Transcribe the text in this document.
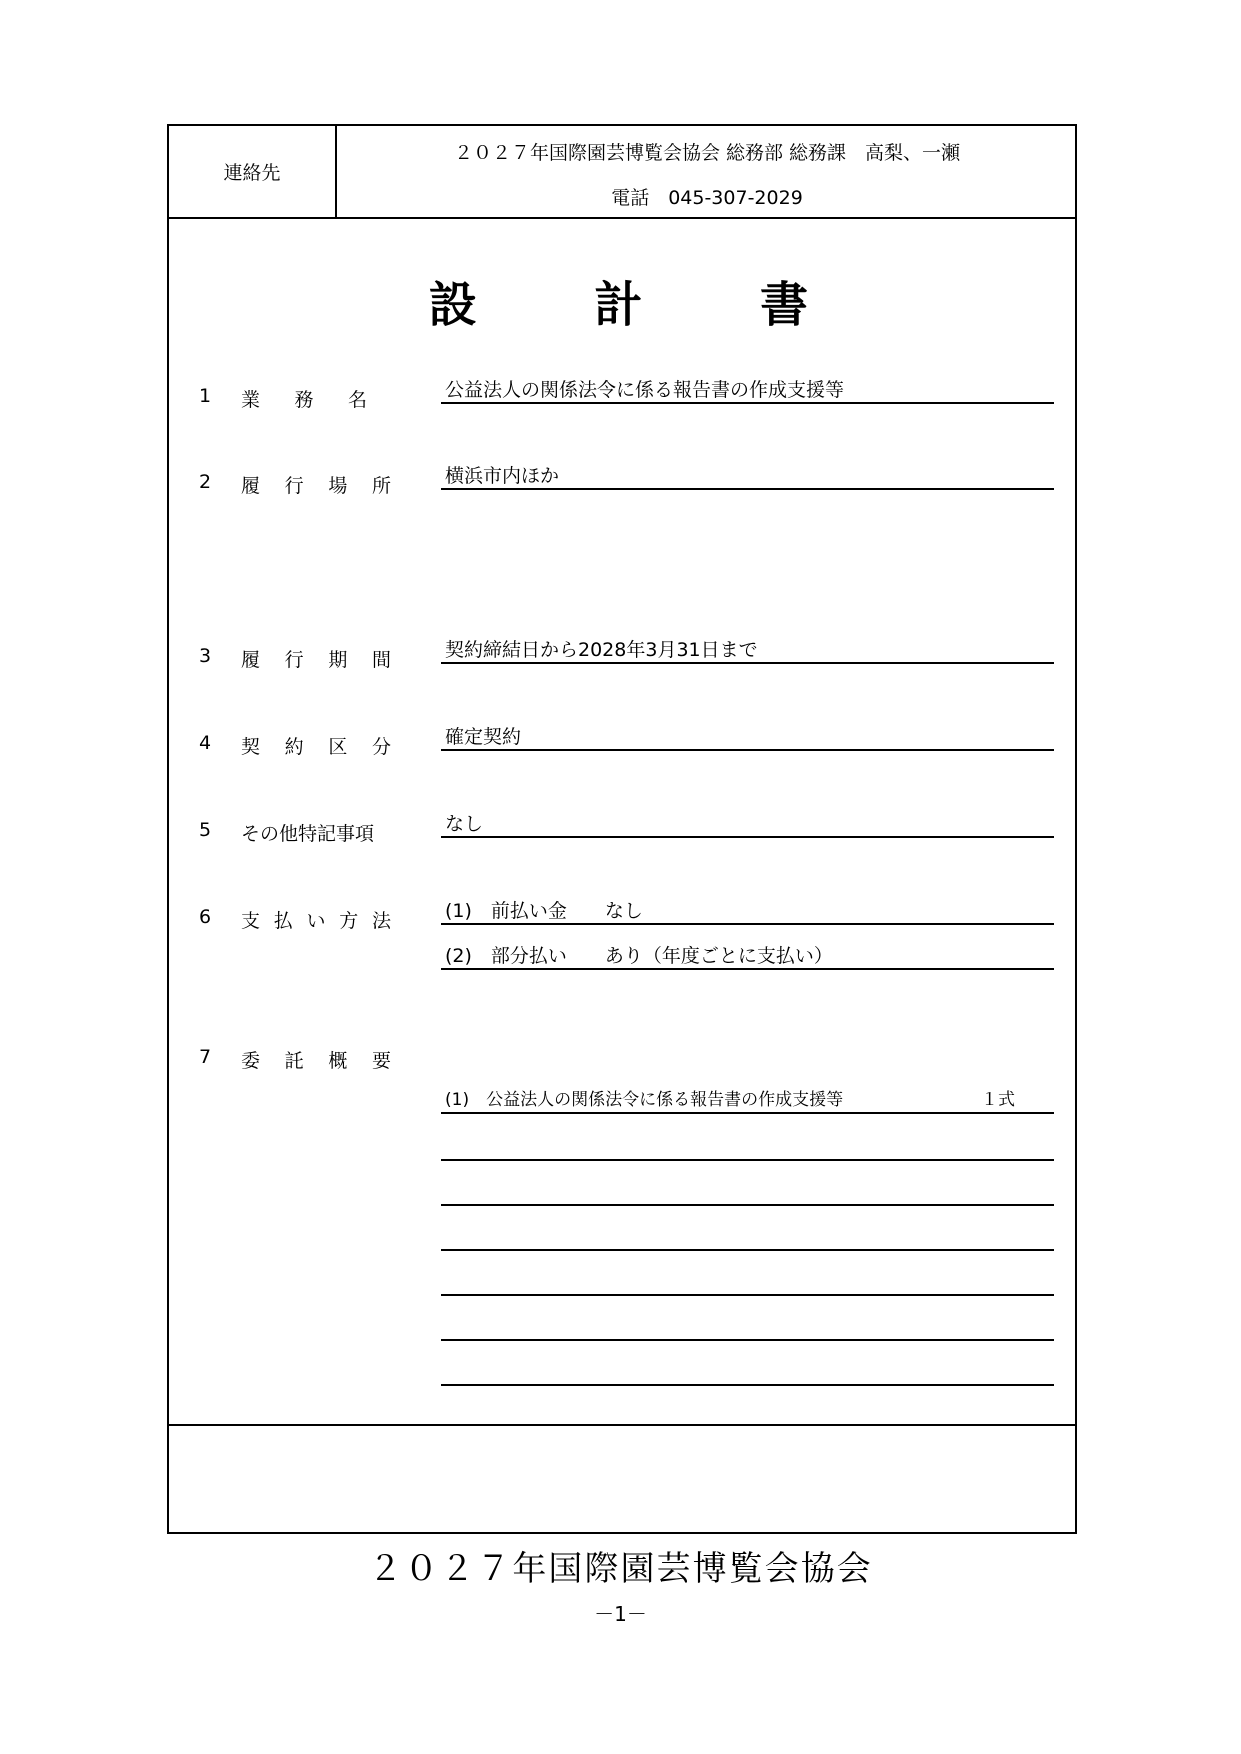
連絡先
２０２７年国際園芸博覧会協会 総務部 総務課　高梨、一瀬
電話　045-307-2029
設　　計　　書
1 業 務 名	公益法人の関係法令に係る報告書の作成支援等
2 履 行 場 所	横浜市内ほか
3 履 行 期 間	契約締結日から2028年3月31日まで
4 契 約 区 分	確定契約
5 その他特記事項	なし
6 支 払 い 方 法	(1)　前払い金　　なし
(2)　部分払い　　あり（年度ごとに支払い）
7 委 託 概 要
(1)　公益法人の関係法令に係る報告書の作成支援等	１式
２０２７年国際園芸博覧会協会
－1－
